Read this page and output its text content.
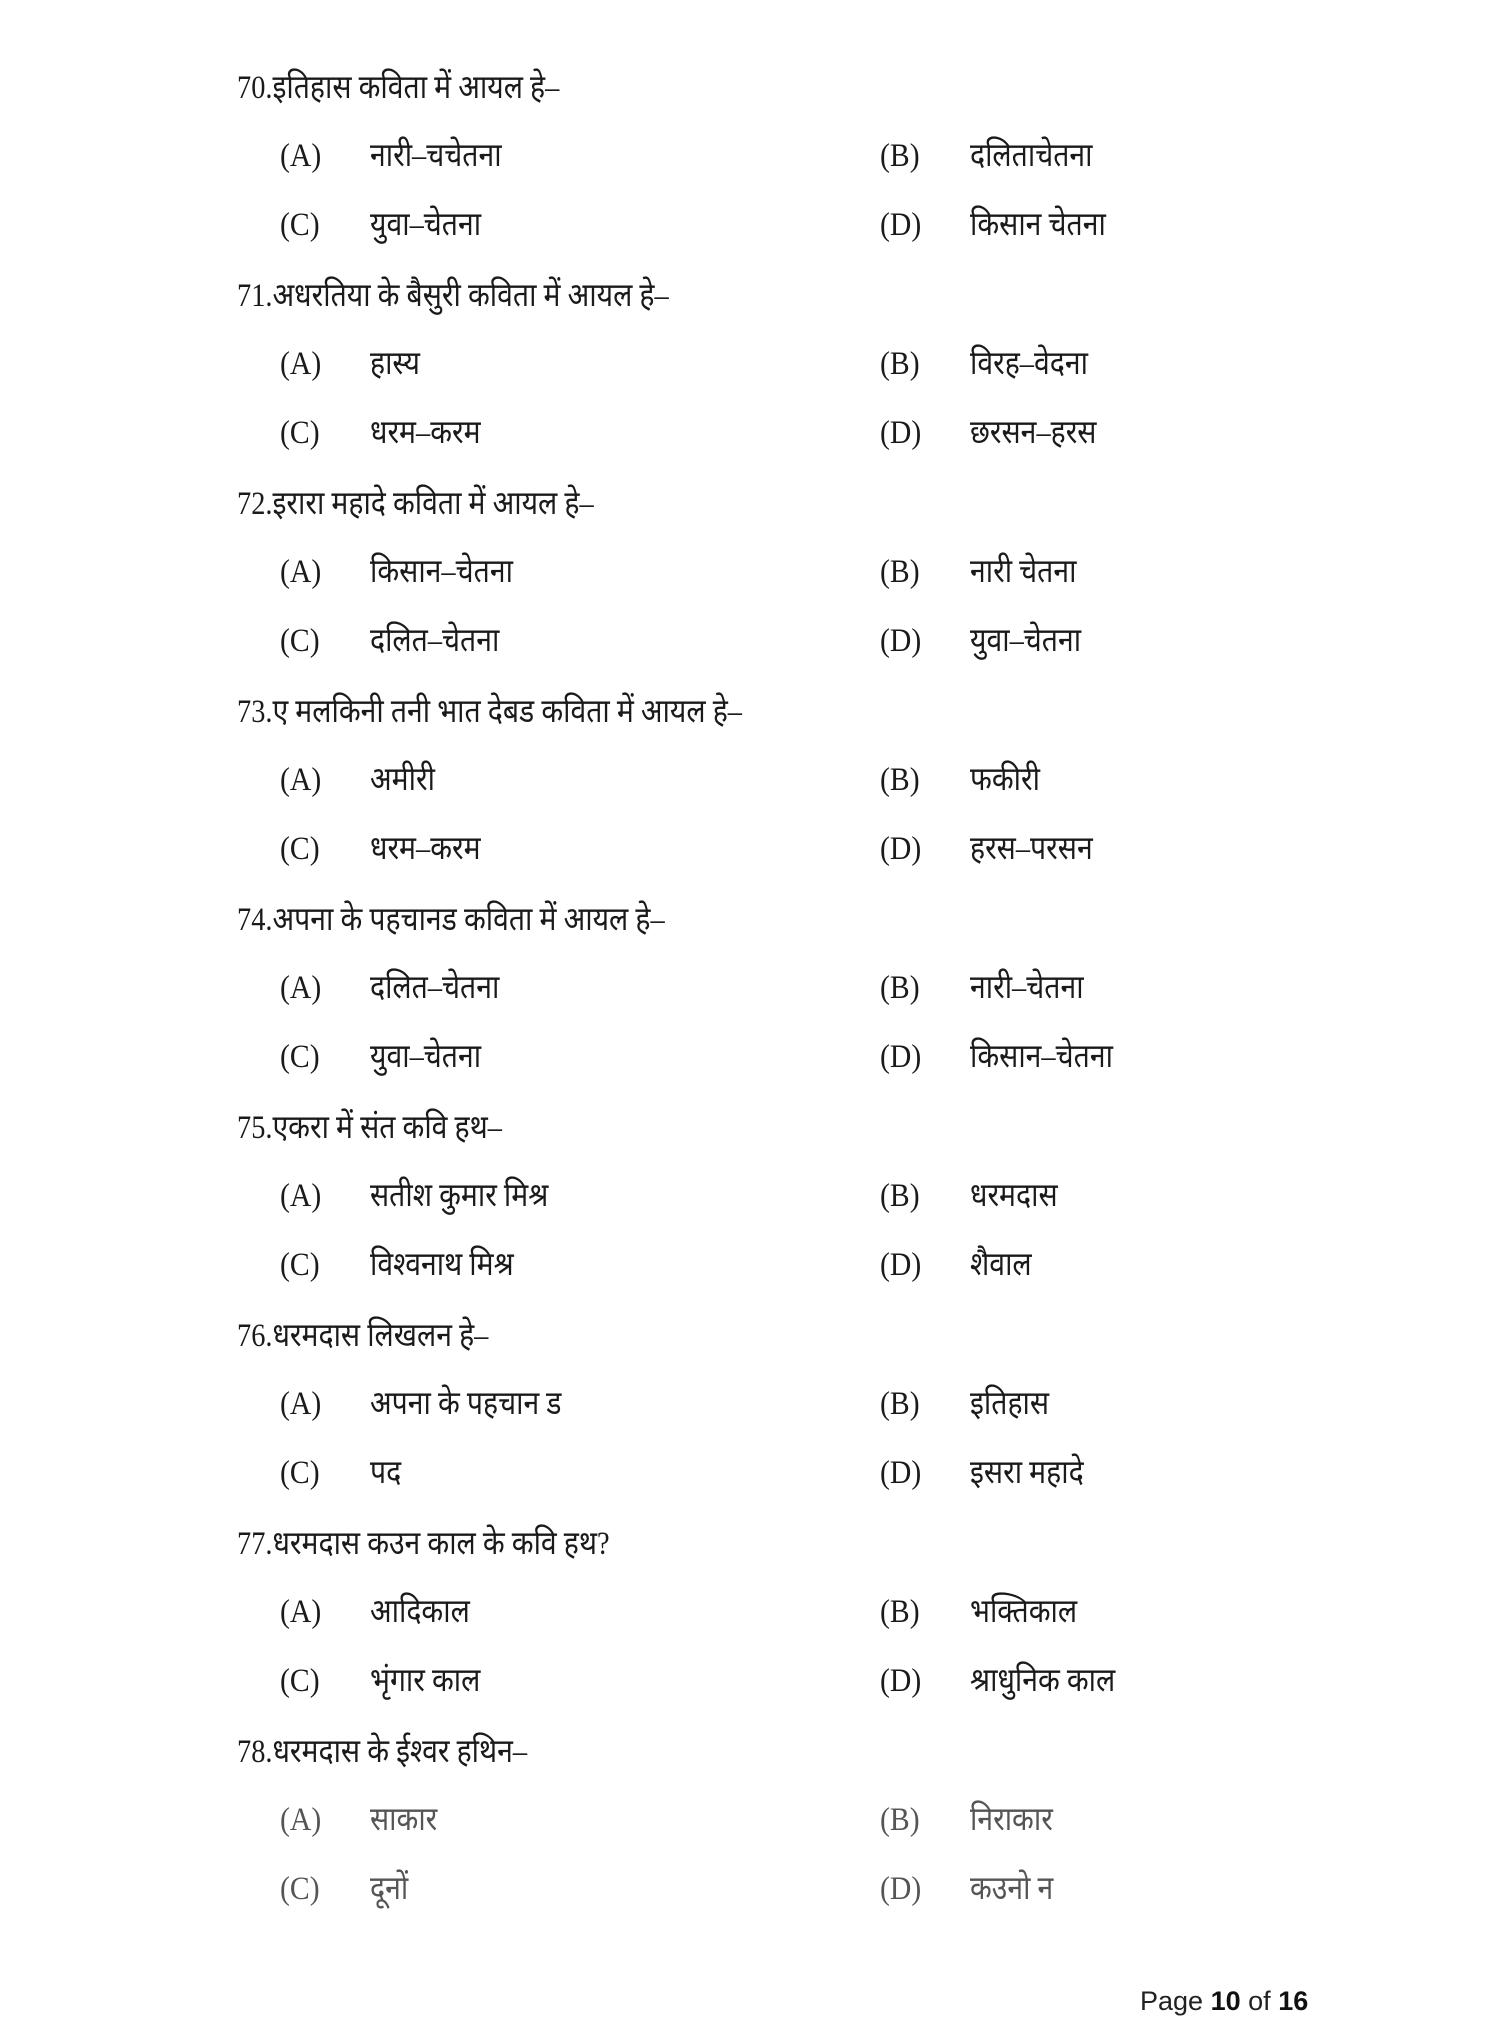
70.इतिहास कविता में आयल हे–
(A) नारी–चचेतना	(B) दलिताचेतना
(C) युवा–चेतना	(D) किसान चेतना
71.अधरतिया के बैसुरी कविता में आयल हे–
(A) हास्य	(B) विरह–वेदना
(C) धरम–करम	(D) छरसन–हरस
72.इरारा महादे कविता में आयल हे–
(A) किसान–चेतना	(B) नारी चेतना
(C) दलित–चेतना	(D) युवा–चेतना
73.ए मलकिनी तनी भात देबड कविता में आयल हे–
(A) अमीरी	(B) फकीरी
(C) धरम–करम	(D) हरस–परसन
74.अपना के पहचानड कविता में आयल हे–
(A) दलित–चेतना	(B) नारी–चेतना
(C) युवा–चेतना	(D) किसान–चेतना
75.एकरा में संत कवि हथ–
(A) सतीश कुमार मिश्र	(B) धरमदास
(C) विश्वनाथ मिश्र	(D) शैवाल
76.धरमदास लिखलन हे–
(A) अपना के पहचान ड	(B) इतिहास
(C) पद	(D) इसरा महादे
77.धरमदास कउन काल के कवि हथ?
(A) आदिकाल	(B) भक्तिकाल
(C) भृंगार काल	(D) श्राधुनिक काल
78.धरमदास के ईश्वर हथिन–
(A) साकार	(B) निराकार
(C) दूनों	(D) कउनो न
Page 10 of 16
